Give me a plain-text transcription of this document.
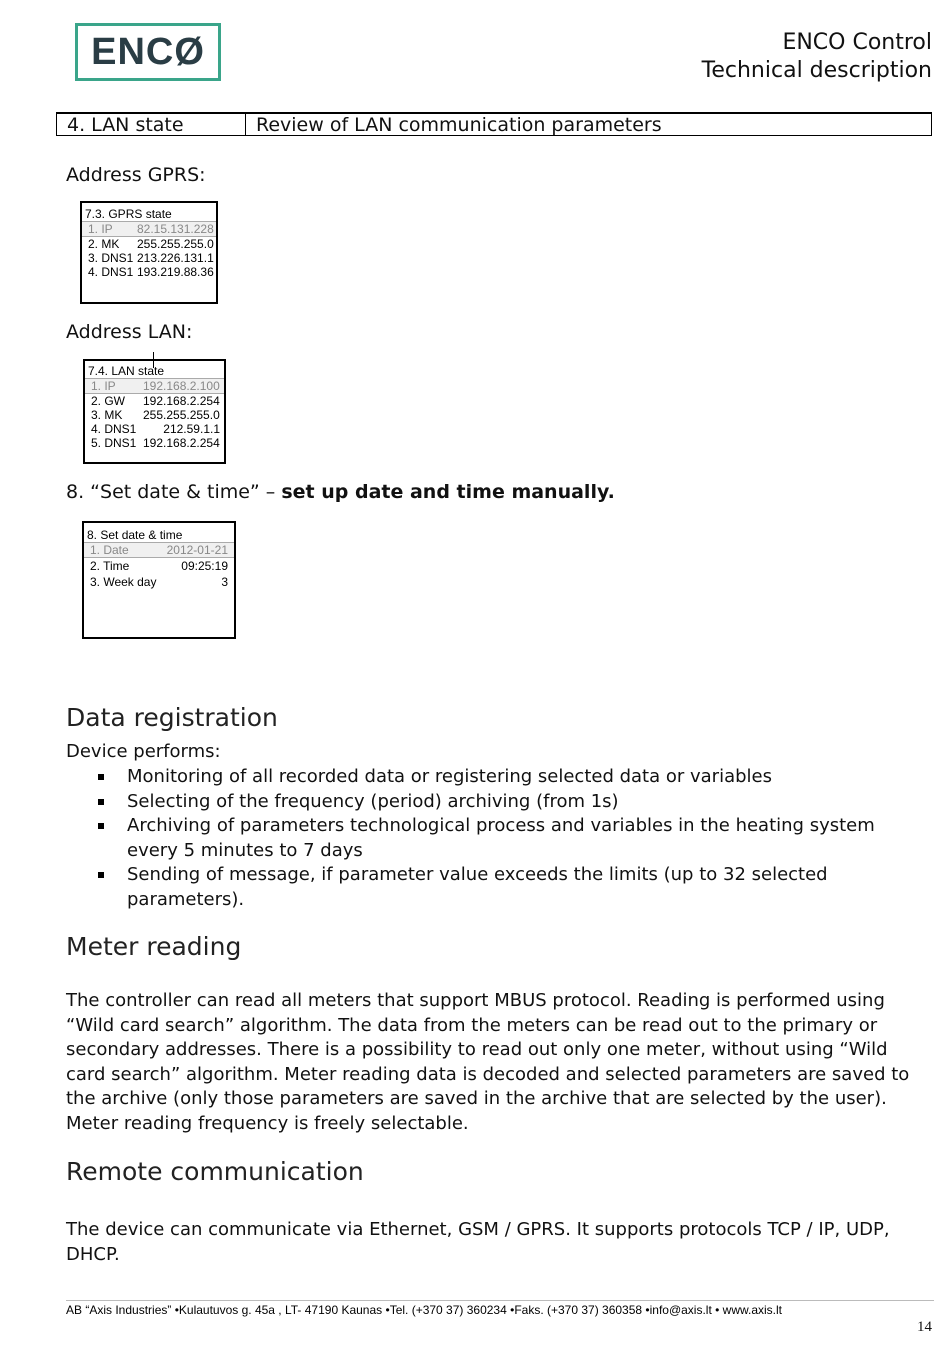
ENCØ	ENCO Control
Technical description
4. LAN state	Review of LAN communication parameters
Address GPRS:
7.3. GPRS state
1. IP	82.15.131.228
2. MK	255.255.255.0
3. DNS1 213.226.131.1
4. DNS1 193.219.88.36
Address LAN:
7.4. LAN state
1. IP	192.168.2.100
2. GW	192.168.2.254
3. MK	255.255.255.0
4. DNS1	212.59.1.1
5. DNS1 192.168.2.254
8. “Set date & time” – set up date and time manually.
8. Set date & time
1. Date	2012-01-21
2. Time	09:25:19
3. Week day	3
Data registration
Device performs:
Monitoring of all recorded data or registering selected data or variables
Selecting of the frequency (period) archiving (from 1s)
Archiving of parameters technological process and variables in the heating system every 5 minutes to 7 days
Sending of message, if parameter value exceeds the limits (up to 32 selected parameters).
Meter reading
The controller can read all meters that support MBUS protocol. Reading is performed using “Wild card search” algorithm. The data from the meters can be read out to the primary or secondary addresses. There is a possibility to read out only one meter, without using “Wild card search” algorithm. Meter reading data is decoded and selected parameters are saved to the archive (only those parameters are saved in the archive that are selected by the user). Meter reading frequency is freely selectable.
Remote communication
The device can communicate via Ethernet, GSM / GPRS. It supports protocols TCP / IP, UDP, DHCP.
AB “Axis Industries” •Kulautuvos g. 45a , LT- 47190 Kaunas •Tel. (+370 37) 360234 •Faks. (+370 37) 360358 •info@axis.lt • www.axis.lt
14
